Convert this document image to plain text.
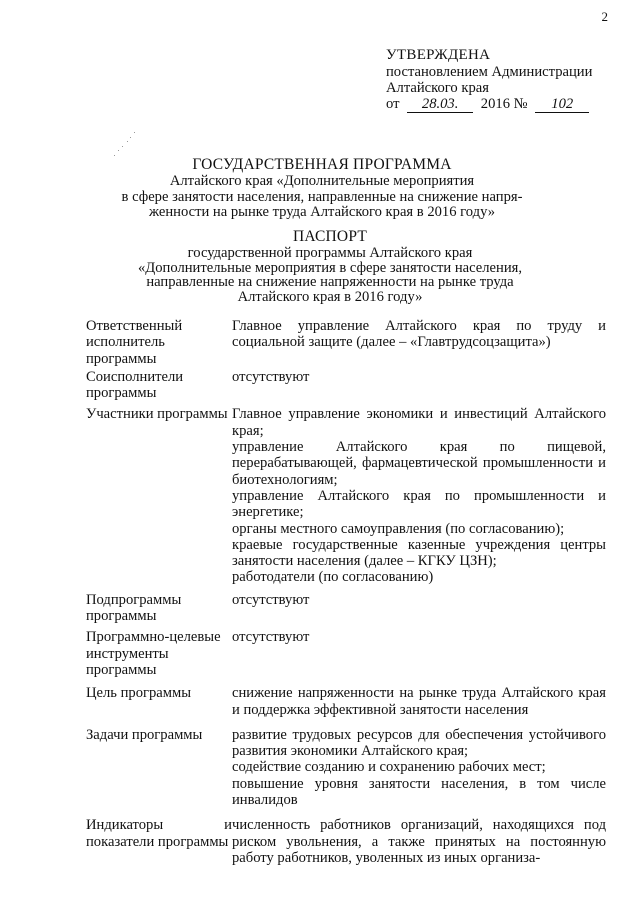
2
УТВЕРЖДЕНА
постановлением Администрации
Алтайского края
от 28.03. 2016 № 102
ГОСУДАРСТВЕННАЯ ПРОГРАММА
Алтайского края «Дополнительные мероприятия
в сфере занятости населения, направленные на снижение напря-
женности на рынке труда Алтайского края в 2016 году»
ПАСПОРТ
государственной программы Алтайского края
«Дополнительные мероприятия в сфере занятости населения,
направленные на снижение напряженности на рынке труда
Алтайского края в 2016 году»
Ответственный исполнитель программы

Главное управление Алтайского края по труду и социальной защите (далее – «Главтрудсоцзащита»)

Соисполнители программы

отсутствуют

Участники программы Главное управление экономики и инвестиций Алтайского края;

управление Алтайского края по пищевой, перерабатывающей, фармацевтической промышленности и биотехнологиям;

управление Алтайского края по промышленности и энергетике;

органы местного самоуправления (по согласованию);

краевые государственные казенные учреждения центры занятости населения (далее – КГКУ ЦЗН);

работодатели (по согласованию)

Подпрограммы программы

отсутствуют

Программно-целевые инструменты программы

отсутствуют

Цель программы	снижение напряженности на рынке труда Алтайского края и поддержка эффективной занятости населения

Задачи программы	развитие трудовых ресурсов для обеспечения устойчивого развития экономики Алтайского края;

содействие созданию и сохранению рабочих мест;

повышение уровня занятости населения, в том числе инвалидов

Индикаторы и показатели программы

численность работников организаций, находящихся под риском увольнения, а также принятых на постоянную работу работников, уволенных из иных организа-
